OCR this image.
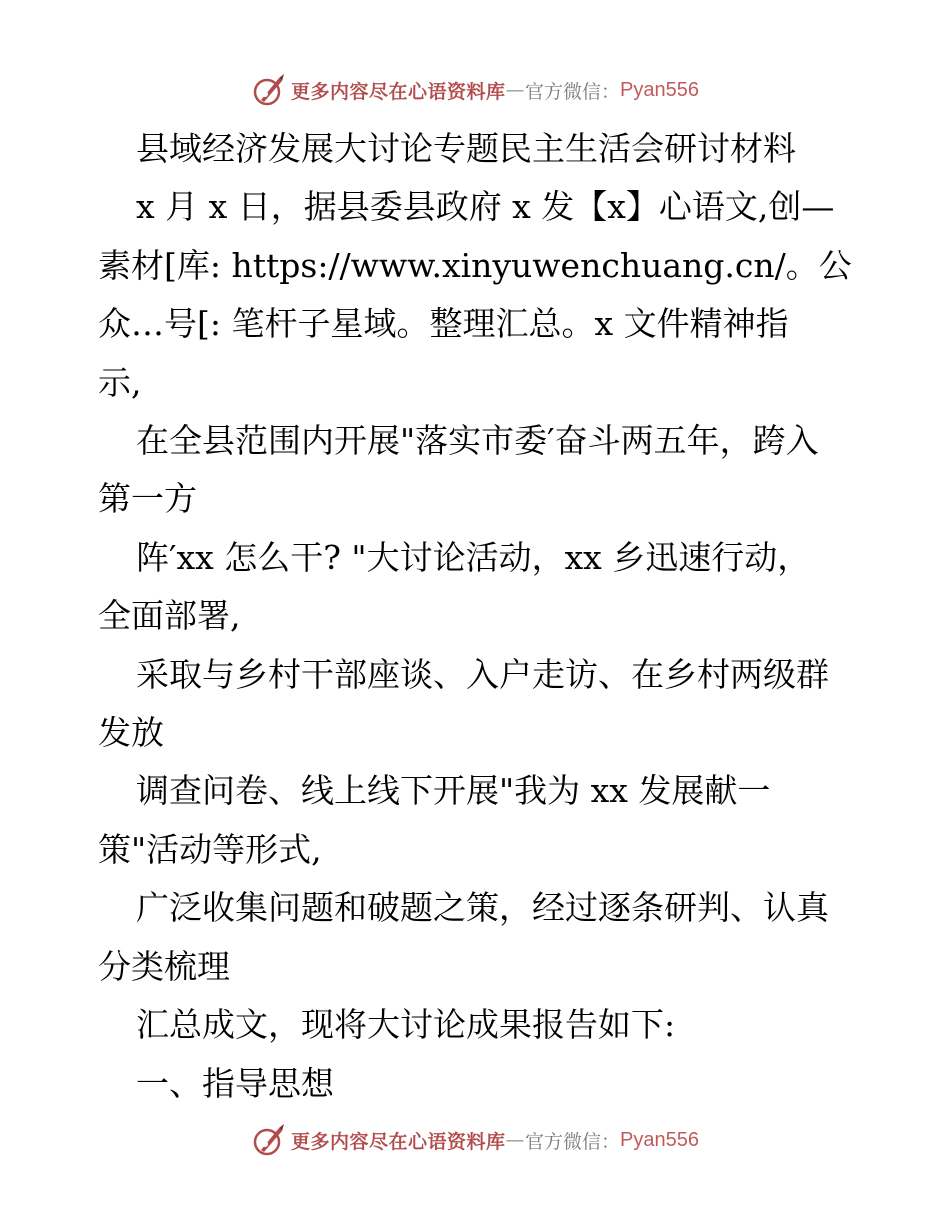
更多内容尽在心语资料库 — 官方微信： Pyan556

县域经济发展大讨论专题民主生活会研讨材料

x 月 x 日，据县委县政府 x 发【x】心语文,创—

素材[库: https://www.xinyuwenchuang.cn/。公

众…号[: 笔杆子星域。整理汇总。x 文件精神指

示,

在全县范围内开展"落实市委′奋斗两五年，跨入

第一方

阵′xx 怎么干? "大讨论活动，xx 乡迅速行动，

全面部署,

采取与乡村干部座谈、入户走访、在乡村两级群

发放

调查问卷、线上线下开展"我为 xx 发展献一

策"活动等形式,

广泛收集问题和破题之策，经过逐条研判、认真

分类梳理

汇总成文，现将大讨论成果报告如下:

一、指导思想

更多内容尽在心语资料库 — 官方微信： Pyan556
